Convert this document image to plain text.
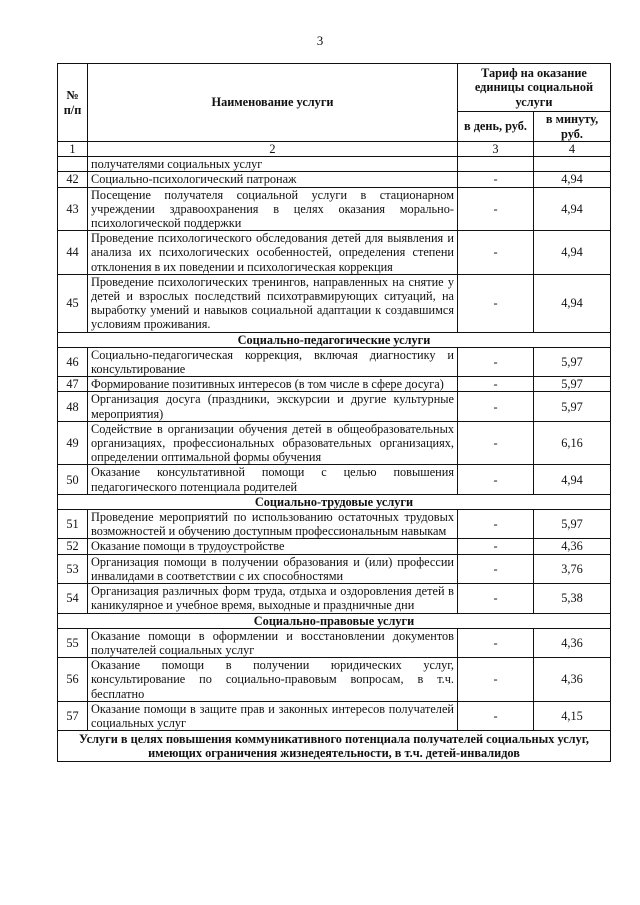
3
№ п/п	Наименование услуги	Тариф на оказание единицы социальной услуги	
		в день, руб.	в минуту, руб.
1	2	3	4
	получателями социальных услуг		
42	Социально-психологический патронаж	-	4,94
43	Посещение получателя социальной услуги в стационарном учреждении здравоохранения в целях оказания морально-психологической поддержки	-	4,94
44	Проведение психологического обследования детей для выявления и анализа их психологических особенностей, определения степени отклонения в их поведении и психологическая коррекция	-	4,94
45	Проведение психологических тренингов, направленных на снятие у детей и взрослых последствий психотравмирующих ситуаций, на выработку умений и навыков социальной адаптации к создавшимся условиям проживания.	-	4,94
Социально-педагогические услуги			
46	Социально-педагогическая коррекция, включая диагностику и консультирование	-	5,97
47	Формирование позитивных интересов (в том числе в сфере досуга)	-	5,97
48	Организация досуга (праздники, экскурсии и другие культурные мероприятия)	-	5,97
49	Содействие в организации обучения детей в общеобразовательных организациях, профессиональных образовательных организациях, определении оптимальной формы обучения	-	6,16
50	Оказание консультативной помощи с целью повышения педагогического потенциала родителей	-	4,94
Социально-трудовые услуги			
51	Проведение мероприятий по использованию остаточных трудовых возможностей и обучению доступным профессиональным навыкам	-	5,97
52	Оказание помощи в трудоустройстве	-	4,36
53	Организация помощи в получении образования и (или) профессии инвалидами в соответствии с их способностями	-	3,76
54	Организация различных форм труда, отдыха и оздоровления детей в каникулярное и учебное время, выходные и праздничные дни	-	5,38
Социально-правовые услуги			
55	Оказание помощи в оформлении и восстановлении документов получателей социальных услуг	-	4,36
56	Оказание помощи в получении юридических услуг, консультирование по социально-правовым вопросам, в т.ч. бесплатно	-	4,36
57	Оказание помощи в защите прав и законных интересов получателей социальных услуг	-	4,15
Услуги в целях повышения коммуникативного потенциала получателей социальных услуг, имеющих ограничения жизнедеятельности, в т.ч. детей-инвалидов			
